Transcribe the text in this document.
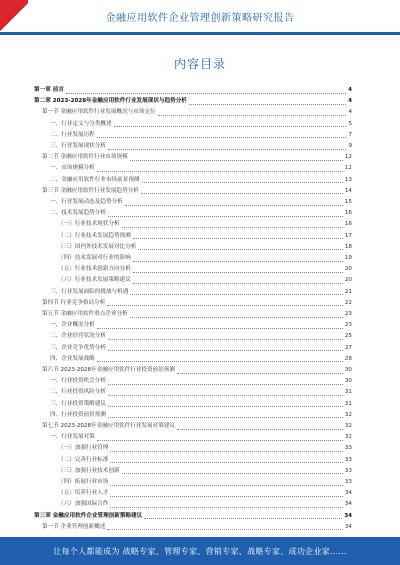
金融应用软件企业管理创新策略研究报告
内容目录
第一章 前言	4
第二章 2023-2028年金融应用软件行业发展现状与趋势分析	4
第一节 金融应用软件行业发展概况与市场定位	4
一、行业定义与分类概述	5
二、行业发展历程	7
三、行业发展现状分析	9
第二节 金融应用软件行业市场规模	12
一、市场规模分析	12
二、金融应用软件行业市场前景预测	13
第三节 金融应用软件行业发展趋势分析	14
一、行业发展动态及趋势分析	15
二、技术发展趋势分析	16
（一）行业技术现状分析	16
（二）行业技术发展趋势预测	17
（三）国内外技术发展对比分析	18
（四）技术发展对行业的影响	19
（五）行业技术创新方向分析	20
（六）行业技术发展策略建议	20
三、行业发展面临的挑战与机遇	21
第四节 行业竞争格局分析	22
第五节 金融应用软件重点企业分析	23
一、企业概况分析	23
二、企业经营状况分析	25
三、企业竞争优势分析	27
四、企业发展战略	28
第六节 2023-2028年金融应用软件行业投资前景预测	30
一、行业投资机会分析	30
二、行业投资风险分析	31
三、行业投资策略建议	31
四、行业投资前景预测	32
第七节 2023-2028年金融应用软件行业发展对策建议	32
一、行业发展对策	32
（一）加强行业管理	33
（二）完善行业标准	33
（三）加强行业技术创新	33
（四）拓展行业市场	33
（五）培养行业人才	34
（六）加强国际合作	34
第三章 金融应用软件企业管理创新策略建议	34
第一节 企业管理创新概述	34
让每个人都能成为 战略专家、管理专家、营销专家、战略专家、成功企业家……
